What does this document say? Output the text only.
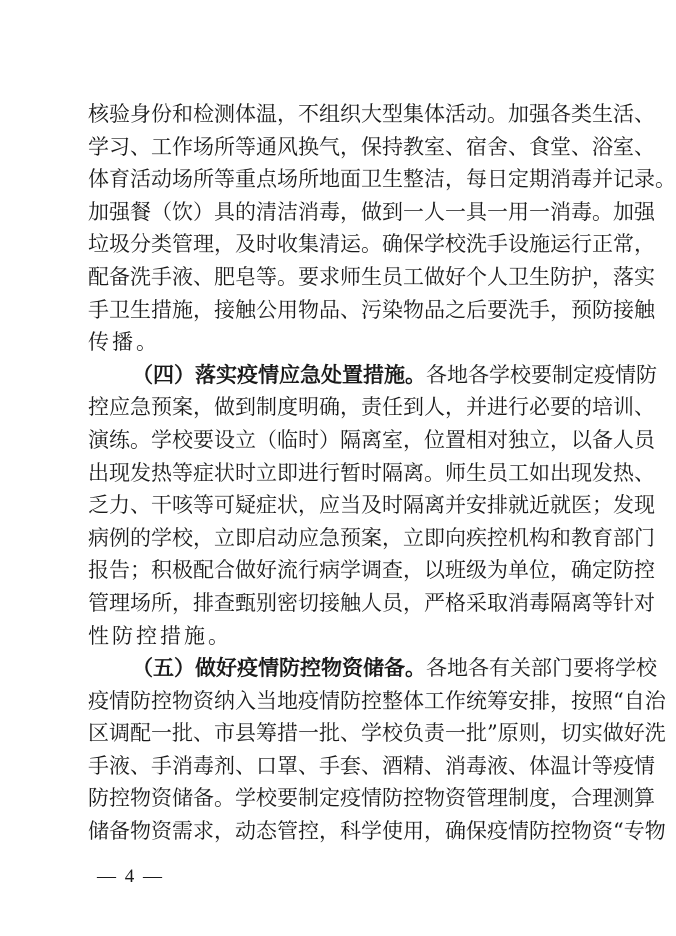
核验身份和检测体温，不组织大型集体活动。加强各类生活、
学习、工作场所等通风换气，保持教室、宿舍、食堂、浴室、
体育活动场所等重点场所地面卫生整洁，每日定期消毒并记录。
加强餐（饮）具的清洁消毒，做到一人一具一用一消毒。加强
垃圾分类管理，及时收集清运。确保学校洗手设施运行正常，
配备洗手液、肥皂等。要求师生员工做好个人卫生防护，落实
手卫生措施，接触公用物品、污染物品之后要洗手，预防接触
传播。
（四）落实疫情应急处置措施。各地各学校要制定疫情防
控应急预案，做到制度明确，责任到人，并进行必要的培训、
演练。学校要设立（临时）隔离室，位置相对独立，以备人员
出现发热等症状时立即进行暂时隔离。师生员工如出现发热、
乏力、干咳等可疑症状，应当及时隔离并安排就近就医；发现
病例的学校，立即启动应急预案，立即向疾控机构和教育部门
报告；积极配合做好流行病学调查，以班级为单位，确定防控
管理场所，排查甄别密切接触人员，严格采取消毒隔离等针对
性防控措施。
（五）做好疫情防控物资储备。各地各有关部门要将学校
疫情防控物资纳入当地疫情防控整体工作统筹安排，按照“自治
区调配一批、市县筹措一批、学校负责一批”原则，切实做好洗
手液、手消毒剂、口罩、手套、酒精、消毒液、体温计等疫情
防控物资储备。学校要制定疫情防控物资管理制度，合理测算
储备物资需求，动态管控，科学使用，确保疫情防控物资“专物
— 4 —
